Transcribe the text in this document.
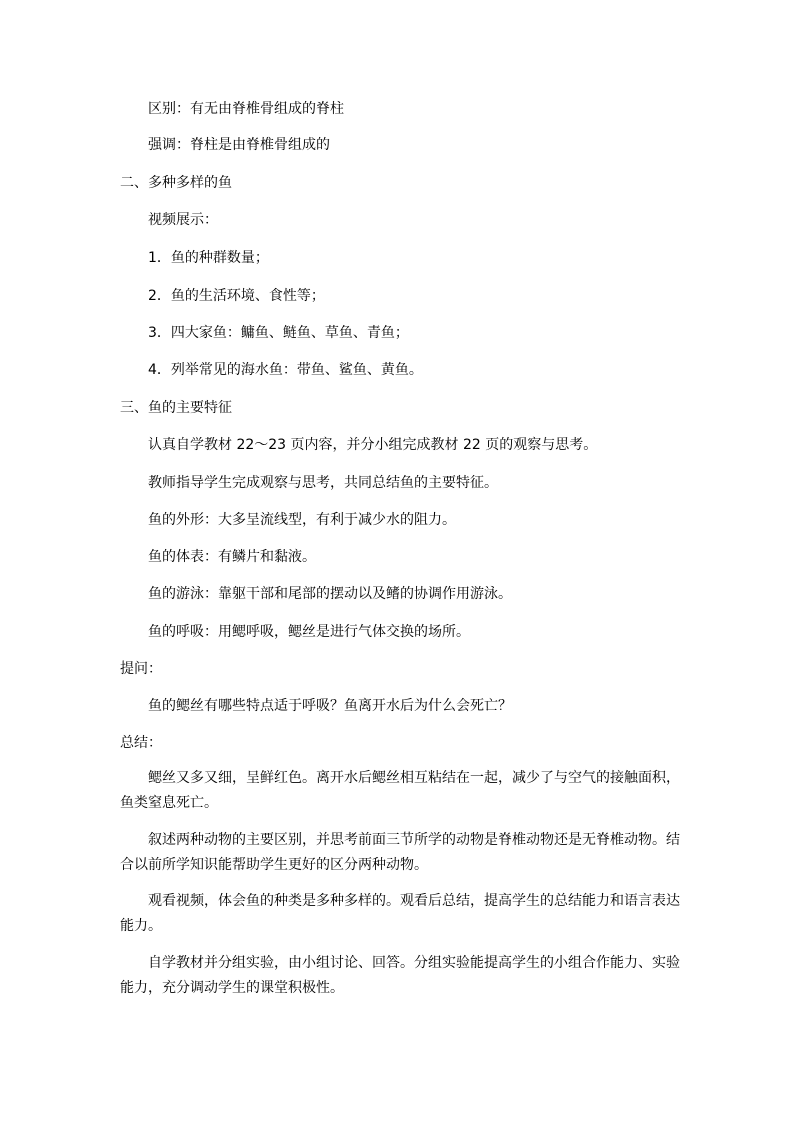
区别：有无由脊椎骨组成的脊柱
强调：脊柱是由脊椎骨组成的
二、多种多样的鱼
视频展示：
1．鱼的种群数量；
2．鱼的生活环境、食性等；
3．四大家鱼：鳙鱼、鲢鱼、草鱼、青鱼；
4．列举常见的海水鱼：带鱼、鲨鱼、黄鱼。
三、鱼的主要特征
认真自学教材 22～23 页内容，并分小组完成教材 22 页的观察与思考。
教师指导学生完成观察与思考，共同总结鱼的主要特征。
鱼的外形：大多呈流线型，有利于减少水的阻力。
鱼的体表：有鳞片和黏液。
鱼的游泳：靠躯干部和尾部的摆动以及鳍的协调作用游泳。
鱼的呼吸：用鳃呼吸，鳃丝是进行气体交换的场所。
提问：
鱼的鳃丝有哪些特点适于呼吸？鱼离开水后为什么会死亡？
总结：
鳃丝又多又细，呈鲜红色。离开水后鳃丝相互粘结在一起，减少了与空气的接触面积，鱼类窒息死亡。
叙述两种动物的主要区别，并思考前面三节所学的动物是脊椎动物还是无脊椎动物。结合以前所学知识能帮助学生更好的区分两种动物。
观看视频，体会鱼的种类是多种多样的。观看后总结，提高学生的总结能力和语言表达能力。
自学教材并分组实验，由小组讨论、回答。分组实验能提高学生的小组合作能力、实验能力，充分调动学生的课堂积极性。
